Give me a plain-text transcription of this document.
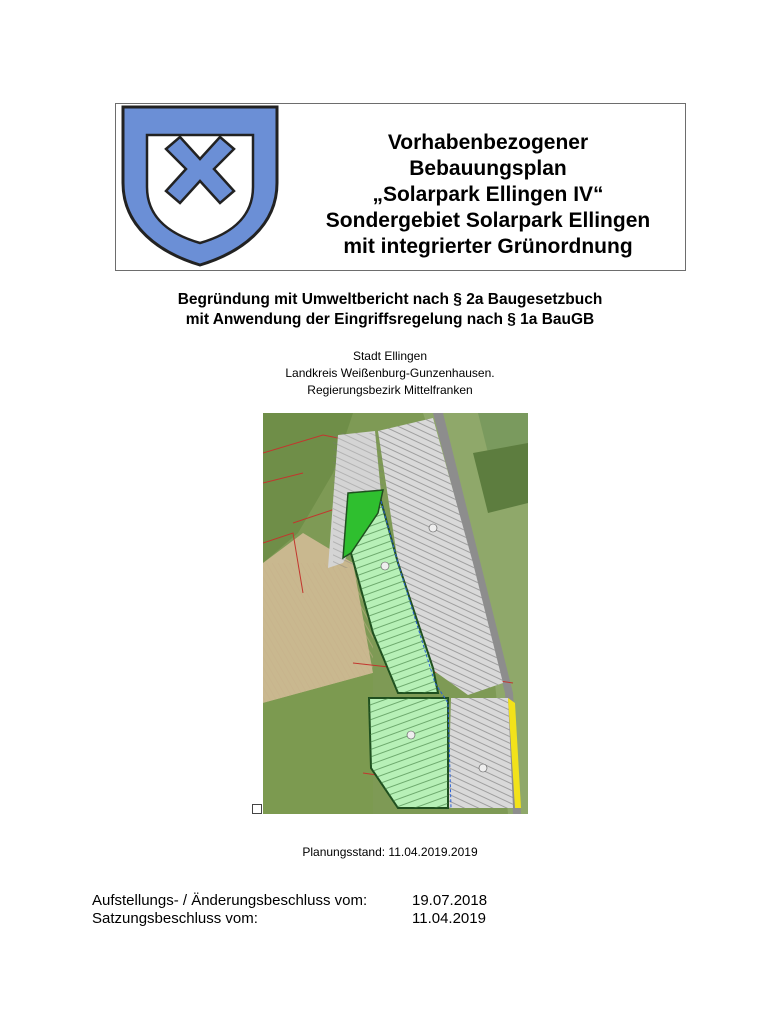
Vorhabenbezogener
Bebauungsplan
„Solarpark Ellingen IV“
Sondergebiet Solarpark Ellingen
mit integrierter Grünordnung
Begründung mit Umweltbericht nach § 2a Baugesetzbuch
mit Anwendung der Eingriffsregelung nach § 1a BauGB
Stadt Ellingen
Landkreis Weißenburg-Gunzenhausen.
Regierungsbezirk Mittelfranken
Planungsstand: 11.04.2019.2019
Aufstellungs- / Änderungsbeschluss vom:	19.07.2018
Satzungsbeschluss vom:	11.04.2019
